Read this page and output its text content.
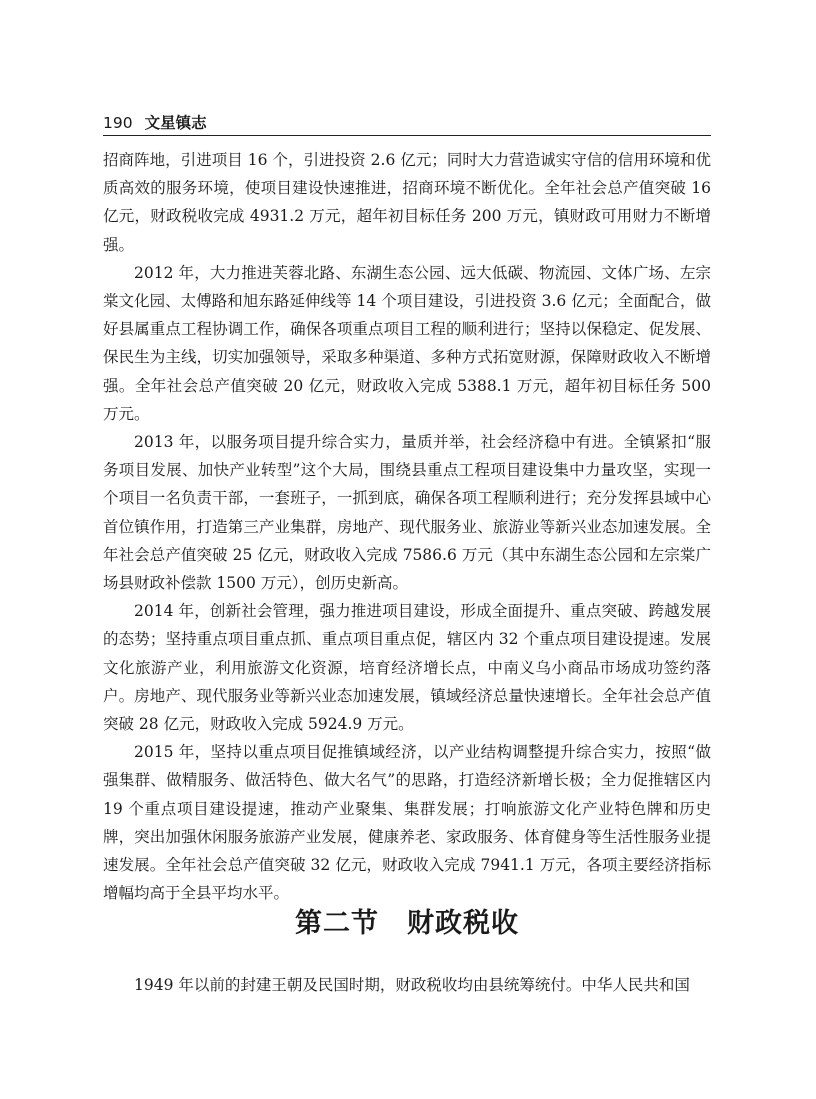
190 文星镇志

招商阵地，引进项目 16 个，引进投资 2.6 亿元；同时大力营造诚实守信的信用环境和优质高效的服务环境，使项目建设快速推进，招商环境不断优化。全年社会总产值突破 16 亿元，财政税收完成 4931.2 万元，超年初目标任务 200 万元，镇财政可用财力不断增强。

2012 年，大力推进芙蓉北路、东湖生态公园、远大低碳、物流园、文体广场、左宗棠文化园、太傅路和旭东路延伸线等 14 个项目建设，引进投资 3.6 亿元；全面配合，做好县属重点工程协调工作，确保各项重点项目工程的顺利进行；坚持以保稳定、促发展、保民生为主线，切实加强领导，采取多种渠道、多种方式拓宽财源，保障财政收入不断增强。全年社会总产值突破 20 亿元，财政收入完成 5388.1 万元，超年初目标任务 500 万元。

2013 年，以服务项目提升综合实力，量质并举，社会经济稳中有进。全镇紧扣“服务项目发展、加快产业转型”这个大局，围绕县重点工程项目建设集中力量攻坚，实现一个项目一名负责干部，一套班子，一抓到底，确保各项工程顺利进行；充分发挥县域中心首位镇作用，打造第三产业集群，房地产、现代服务业、旅游业等新兴业态加速发展。全年社会总产值突破 25 亿元，财政收入完成 7586.6 万元（其中东湖生态公园和左宗棠广场县财政补偿款 1500 万元），创历史新高。

2014 年，创新社会管理，强力推进项目建设，形成全面提升、重点突破、跨越发展的态势；坚持重点项目重点抓、重点项目重点促，辖区内 32 个重点项目建设提速。发展文化旅游产业，利用旅游文化资源，培育经济增长点，中南义乌小商品市场成功签约落户。房地产、现代服务业等新兴业态加速发展，镇域经济总量快速增长。全年社会总产值突破 28 亿元，财政收入完成 5924.9 万元。

2015 年，坚持以重点项目促推镇域经济，以产业结构调整提升综合实力，按照“做强集群、做精服务、做活特色、做大名气”的思路，打造经济新增长极；全力促推辖区内 19 个重点项目建设提速，推动产业聚集、集群发展；打响旅游文化产业特色牌和历史牌，突出加强休闲服务旅游产业发展，健康养老、家政服务、体育健身等生活性服务业提速发展。全年社会总产值突破 32 亿元，财政收入完成 7941.1 万元，各项主要经济指标增幅均高于全县平均水平。

第二节　财政税收

1949 年以前的封建王朝及民国时期，财政税收均由县统筹统付。中华人民共和国
